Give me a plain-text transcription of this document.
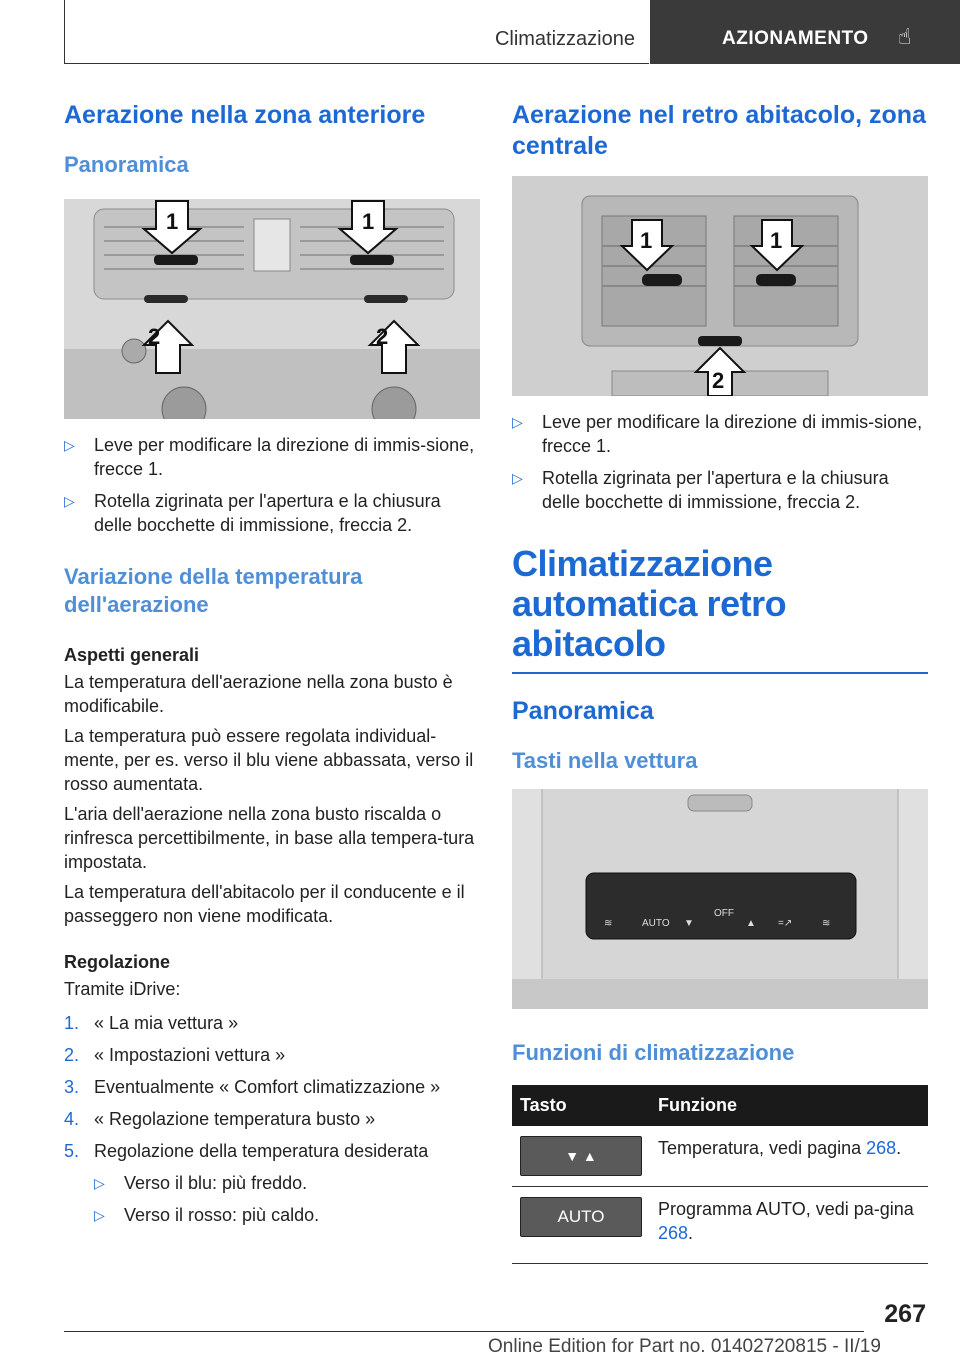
Climatizzazione	AZIONAMENTO ☝
Aerazione nella zona anteriore
Panoramica
1	1
2	2
▷ Leve per modificare la direzione di immis-sione, frecce 1.
▷ Rotella zigrinata per l'apertura e la chiusura delle bocchette di immissione, freccia 2.
Variazione della temperatura dell'aerazione
Aspetti generali

La temperatura dell'aerazione nella zona busto è modificabile.

La temperatura può essere regolata individual-mente, per es. verso il blu viene abbassata, verso il rosso aumentata.

L'aria dell'aerazione nella zona busto riscalda o rinfresca percettibilmente, in base alla tempera-tura impostata.

La temperatura dell'abitacolo per il conducente e il passeggero non viene modificata.

Regolazione

Tramite iDrive:

1. « La mia vettura »
2. « Impostazioni vettura »
3. Eventualmente « Comfort climatizzazione »
4. « Regolazione temperatura busto »
5. Regolazione della temperatura desiderata
▷ Verso il blu: più freddo.
▷ Verso il rosso: più caldo.
Aerazione nel retro abitacolo, zona centrale
1	1
2
▷ Leve per modificare la direzione di immis-sione, frecce 1.
▷ Rotella zigrinata per l'apertura e la chiusura delle bocchette di immissione, freccia 2.
Climatizzazione automatica retro abitacolo
Panoramica
Tasti nella vettura
≋	AUTO ▼
OFF
▲ =↗	≋
Funzioni di climatizzazione
Tasto	Funzione

▼ ▲	Temperatura, vedi pagina 268.

AUTO	Programma AUTO, vedi pa-gina 268.
267
Online Edition for Part no. 01402720815 - II/19
